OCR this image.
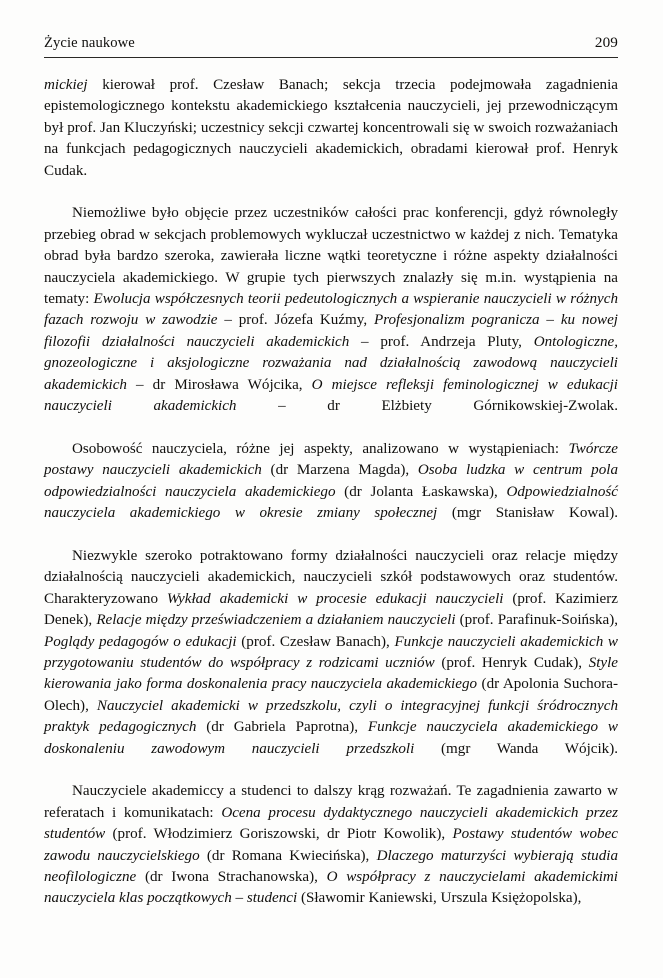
Życie naukowe	209

mickiej kierował prof. Czesław Banach; sekcja trzecia podejmowała zagadnienia epistemologicznego kontekstu akademickiego kształcenia nauczycieli, jej przewodniczącym był prof. Jan Kluczyński; uczestnicy sekcji czwartej koncentrowali się w swoich rozważaniach na funkcjach pedagogicznych nauczycieli akademickich, obradami kierował prof. Henryk Cudak.

Niemożliwe było objęcie przez uczestników całości prac konferencji, gdyż równoległy przebieg obrad w sekcjach problemowych wykluczał uczestnictwo w każdej z nich. Tematyka obrad była bardzo szeroka, zawierała liczne wątki teoretyczne i różne aspekty działalności nauczyciela akademickiego. W grupie tych pierwszych znalazły się m.in. wystąpienia na tematy: Ewolucja współczesnych teorii pedeutologicznych a wspieranie nauczycieli w różnych fazach rozwoju w zawodzie – prof. Józefa Kuźmy, Profesjonalizm pogranicza – ku nowej filozofii działalności nauczycieli akademickich – prof. Andrzeja Pluty, Ontologiczne, gnozeologiczne i aksjologiczne rozważania nad działalnością zawodową nauczycieli akademickich – dr Mirosława Wójcika, O miejsce refleksji feminologicznej w edukacji nauczycieli akademickich – dr Elżbiety Górnikowskiej-Zwolak.

Osobowość nauczyciela, różne jej aspekty, analizowano w wystąpieniach: Twórcze postawy nauczycieli akademickich (dr Marzena Magda), Osoba ludzka w centrum pola odpowiedzialności nauczyciela akademickiego (dr Jolanta Łaskawska), Odpowiedzialność nauczyciela akademickiego w okresie zmiany społecznej (mgr Stanisław Kowal).

Niezwykle szeroko potraktowano formy działalności nauczycieli oraz relacje między działalnością nauczycieli akademickich, nauczycieli szkół podstawowych oraz studentów. Charakteryzowano Wykład akademicki w procesie edukacji nauczycieli (prof. Kazimierz Denek), Relacje między przeświadczeniem a działaniem nauczycieli (prof. Parafinuk-Soińska), Poglądy pedagogów o edukacji (prof. Czesław Banach), Funkcje nauczycieli akademickich w przygotowaniu studentów do współpracy z rodzicami uczniów (prof. Henryk Cudak), Style kierowania jako forma doskonalenia pracy nauczyciela akademickiego (dr Apolonia Suchora-Olech), Nauczyciel akademicki w przedszkolu, czyli o integracyjnej funkcji śródrocznych praktyk pedagogicznych (dr Gabriela Paprotna), Funkcje nauczyciela akademickiego w doskonaleniu zawodowym nauczycieli przedszkoli (mgr Wanda Wójcik).

Nauczyciele akademiccy a studenci to dalszy krąg rozważań. Te zagadnienia zawarto w referatach i komunikatach: Ocena procesu dydaktycznego nauczycieli akademickich przez studentów (prof. Włodzimierz Goriszowski, dr Piotr Kowolik), Postawy studentów wobec zawodu nauczycielskiego (dr Romana Kwiecińska), Dlaczego maturzyści wybierają studia neofilologiczne (dr Iwona Strachanowska), O współpracy z nauczycielami akademickimi nauczyciela klas początkowych – studenci (Sławomir Kaniewski, Urszula Księżopolska),
